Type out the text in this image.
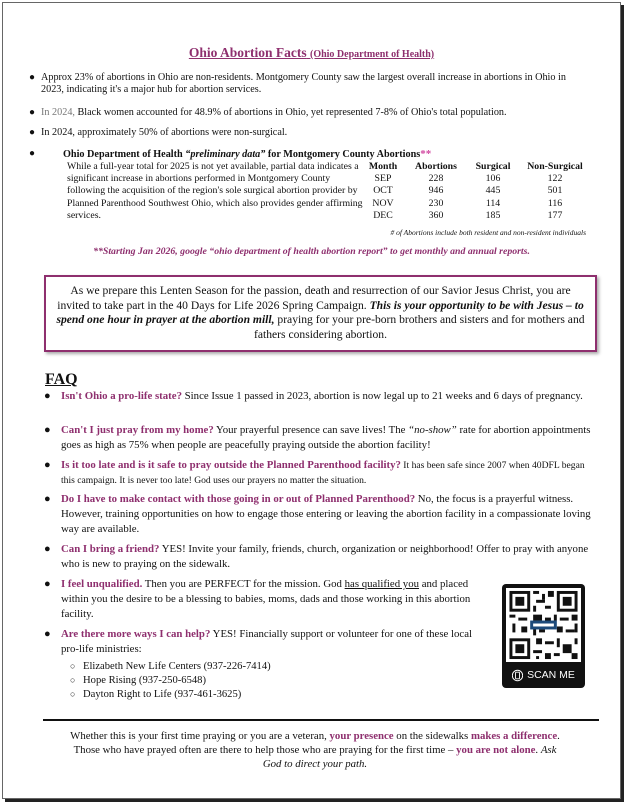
Ohio Abortion Facts (Ohio Department of Health)
● Approx 23% of abortions in Ohio are non-residents. Montgomery County saw the largest overall increase in abortions in Ohio in 2023, indicating it's a major hub for abortion services.
● In 2024, Black women accounted for 48.9% of abortions in Ohio, yet represented 7-8% of Ohio's total population.
● In 2024, approximately 50% of abortions were non-surgical.
●	Ohio Department of Health “preliminary data” for Montgomery County Abortions**
While a full-year total for 2025 is not yet available, partial data indicates a significant increase in abortions performed in Montgomery County following the acquisition of the region's sole surgical abortion provider by Planned Parenthood Southwest Ohio, which also provides gender affirming services.
Month	Abortions	Surgical	Non-Surgical
SEP	228	106	122
OCT	946	445	501
NOV	230	114	116
DEC	360	185	177
# of Abortions include both resident and non-resident individuals
**Starting Jan 2026, google “ohio department of health abortion report” to get monthly and annual reports.
As we prepare this Lenten Season for the passion, death and resurrection of our Savior Jesus Christ, you are invited to take part in the 40 Days for Life 2026 Spring Campaign. This is your opportunity to be with Jesus – to spend one hour in prayer at the abortion mill, praying for your pre-born brothers and sisters and for mothers and fathers considering abortion.
FAQ
● Isn't Ohio a pro-life state? Since Issue 1 passed in 2023, abortion is now legal up to 21 weeks and 6 days of pregnancy.
● Can't I just pray from my home? Your prayerful presence can save lives! The “no-show” rate for abortion appointments goes as high as 75% when people are peacefully praying outside the abortion facility!
● Is it too late and is it safe to pray outside the Planned Parenthood facility? It has been safe since 2007 when 40DFL began this campaign. It is never too late! God uses our prayers no matter the situation.
● Do I have to make contact with those going in or out of Planned Parenthood? No, the focus is a prayerful witness. However, training opportunities on how to engage those entering or leaving the abortion facility in a compassionate loving way are available.
● Can I bring a friend? YES! Invite your family, friends, church, organization or neighborhood! Offer to pray with anyone who is new to praying on the sidewalk.
● I feel unqualified. Then you are PERFECT for the mission. God has qualified you and placed within you the desire to be a blessing to babies, moms, dads and those working in this abortion facility.
● Are there more ways I can help? YES! Financially support or volunteer for one of these local pro-life ministries:
○ Elizabeth New Life Centers (937-226-7414)
○ Hope Rising (937-250-6548)
○ Dayton Right to Life (937-461-3625)
SCAN ME
Whether this is your first time praying or you are a veteran, your presence on the sidewalks makes a difference. Those who have prayed often are there to help those who are praying for the first time – you are not alone. Ask God to direct your path.
